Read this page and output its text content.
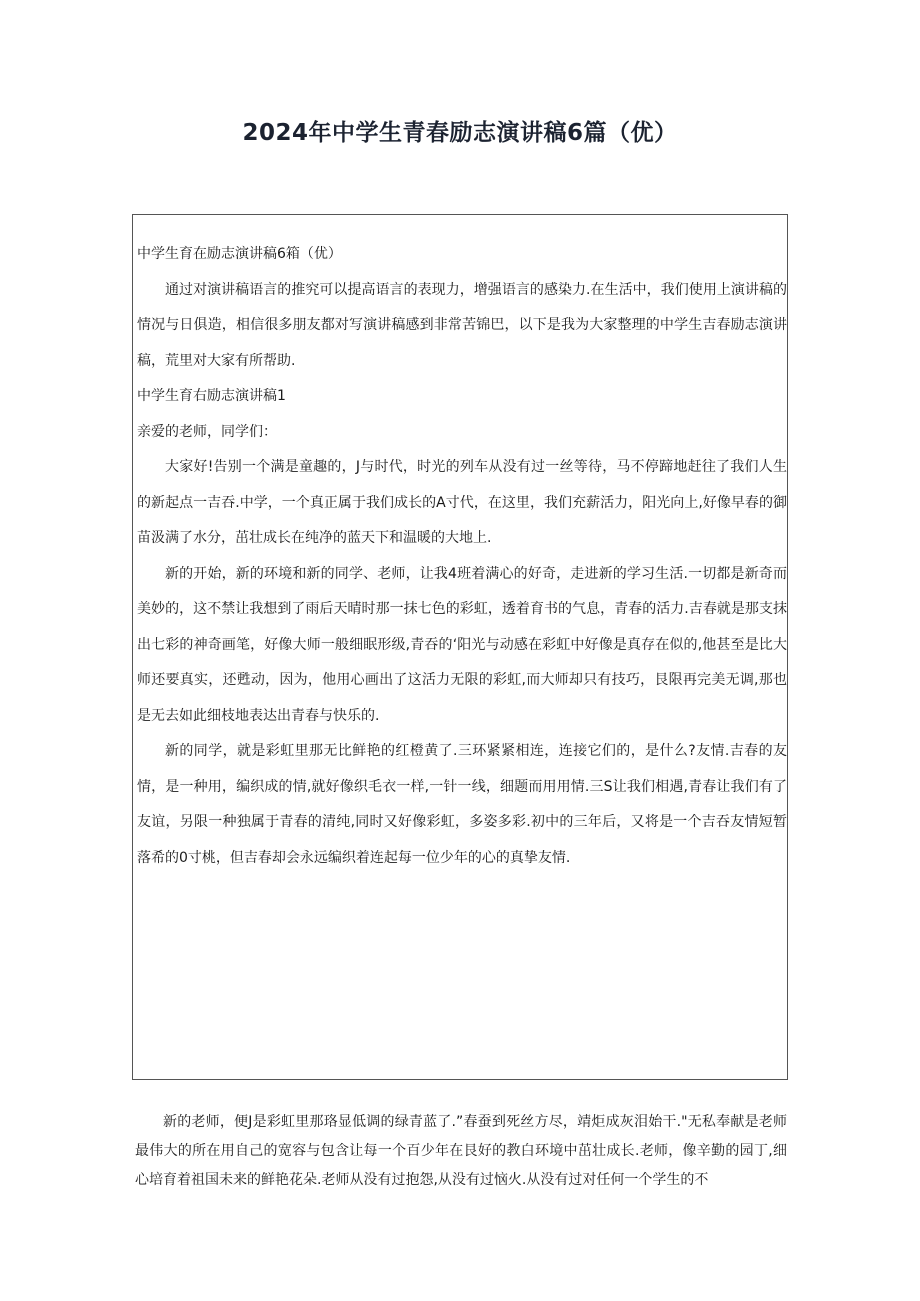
2024年中学生青春励志演讲稿6篇（优）

中学生育在励志演讲稿6箱（优）

通过对演讲稿语言的推究可以提高语言的表现力，增强语言的感染力.在生活中，我们使用上演讲稿的情况与日俱造，相信很多朋友都对写演讲稿感到非常苦锦巴，以下是我为大家整理的中学生吉春励志演讲稿，荒里对大家有所帮助.

中学生育右励志演讲稿1

亲爱的老师，同学们：

大家好!告别一个满是童趣的，J与时代，时光的列车从没有过一丝等待，马不停蹄地赶往了我们人生的新起点一吉吞.中学，一个真正属于我们成长的A寸代，在这里，我们充薪活力，阳光向上,好像早春的御苗汲满了水分，茁壮成长在纯净的蓝天下和温暖的大地上.

新的开始，新的环境和新的同学、老师，让我4班着满心的好奇，走进新的学习生活.一切都是新奇而美妙的，这不禁让我想到了雨后天晴时那一抹七色的彩虹，透着育书的气息，青春的活力.吉春就是那支抹出七彩的神奇画笔，好像大师一般细眠形级,青吞的‘阳光与动感在彩虹中好像是真存在似的,他甚至是比大师还要真实，还甦动，因为，他用心画出了这活力无限的彩虹,而大师却只有技巧，艮限再完美无调,那也是无去如此细枝地表达出青春与快乐的.

新的同学，就是彩虹里那无比鲜艳的红橙黄了.三环紧紧相连，连接它们的，是什么?友情.吉春的友情，是一种用，编织成的情,就好像织毛衣一样,一针一线，细题而用用情.三S让我们相遇,青春让我们有了友谊，另限一种独属于青春的清纯,同时又好像彩虹，多姿多彩.初中的三年后，又将是一个吉吞友情短暂落希的0寸桃，但吉春却会永远编织着连起每一位少年的心的真挚友情.

新的老师，便J是彩虹里那珞显低调的绿青蓝了.”春蚕到死丝方尽，靖炬成灰泪始干."无私奉献是老师最伟大的所在用自己的宽容与包含让每一个百少年在艮好的教白环境中茁壮成长.老师，像辛勤的园丁,细心培育着祖国未来的鲜艳花朵.老师从没有过抱怨,从没有过恼火.从没有过对任何一个学生的不
